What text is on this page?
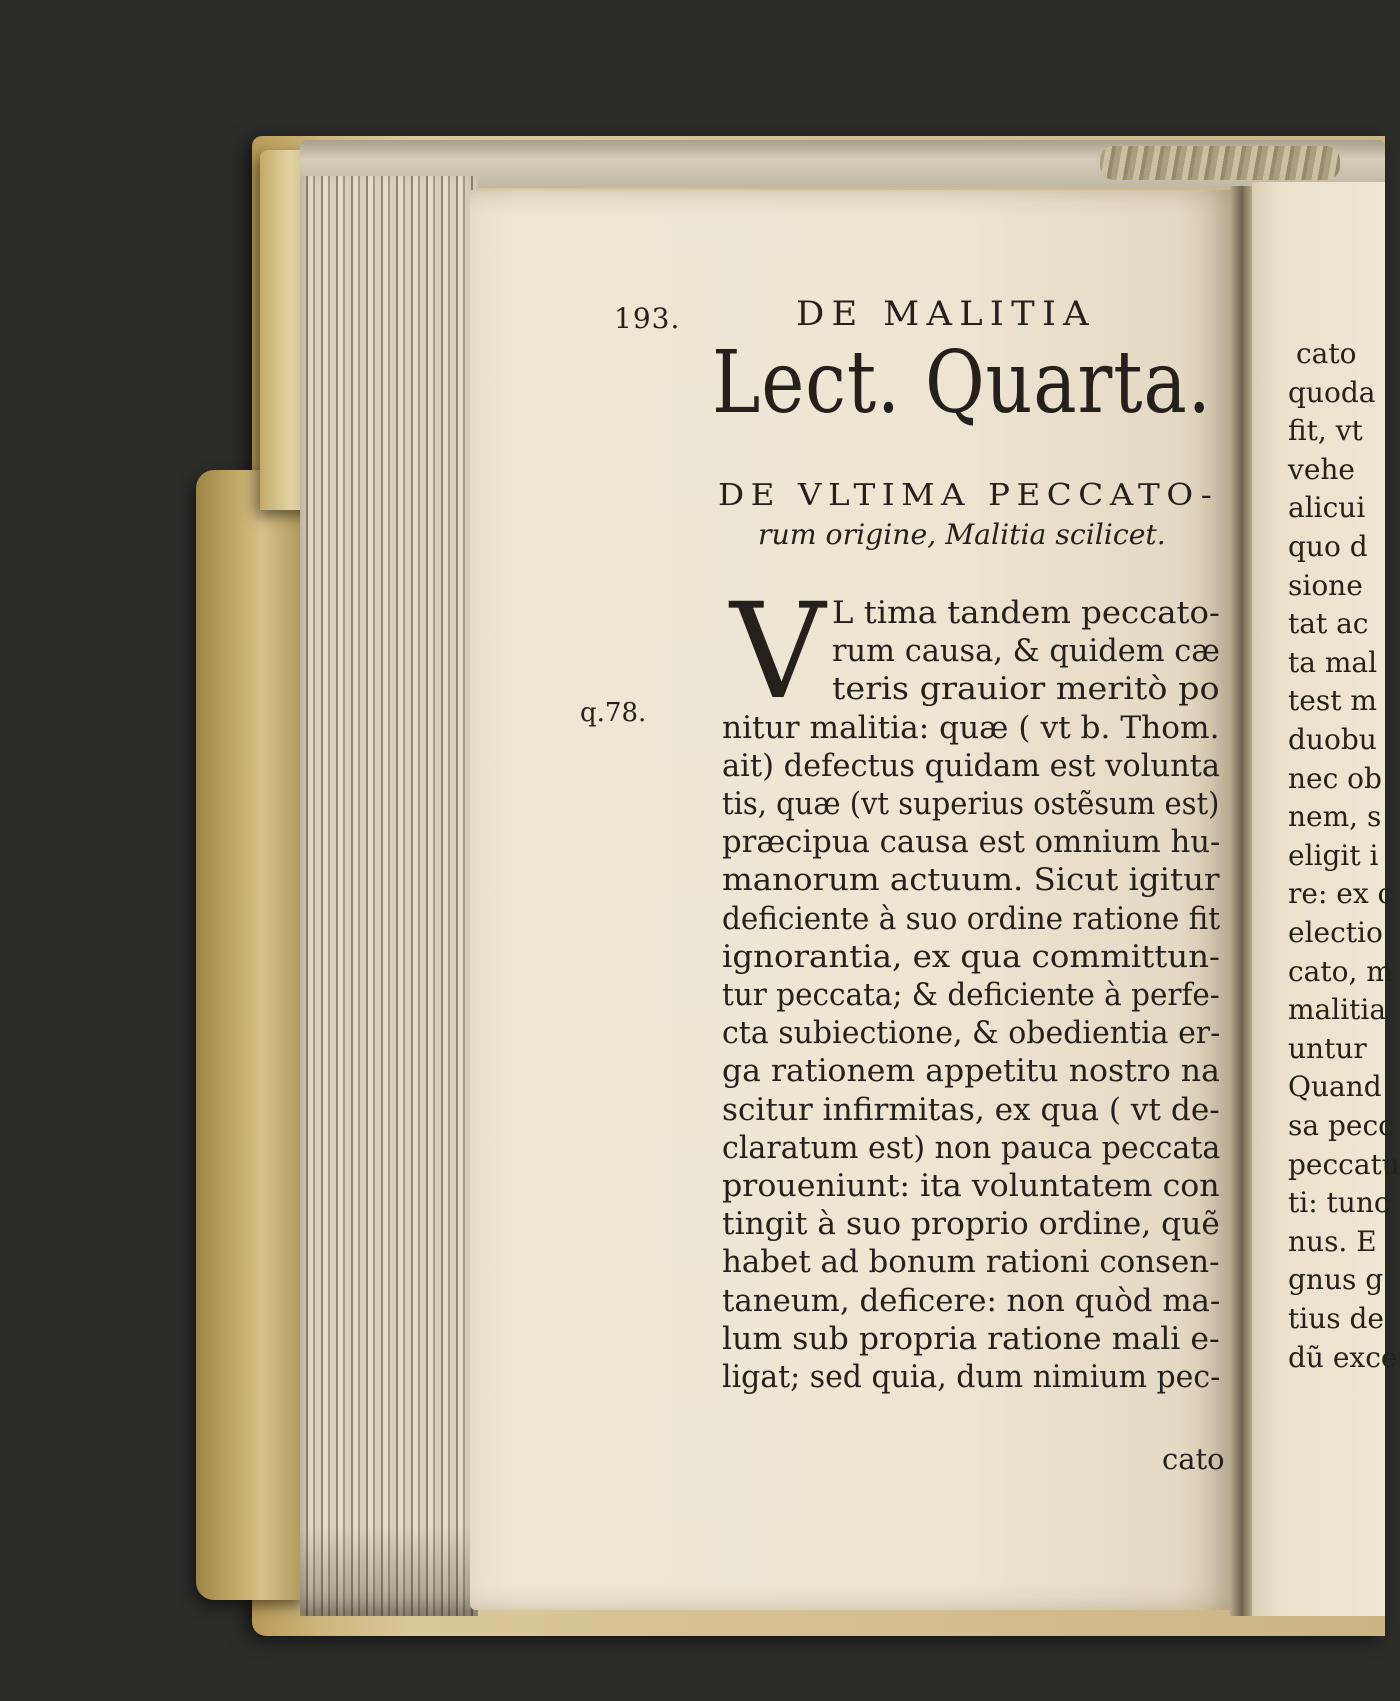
193.	DE MALITIA
Lect. Quarta.
DE VLTIMA PECCATO-
rum origine, Malitia scilicet.
V
q.78.
L tima tandem peccato-
rum causa, & quidem cæ
teris grauior meritò po
nitur malitia: quæ ( vt b. Thom.
ait) defectus quidam est volunta
tis, quæ (vt superius ostẽsum est)
præcipua causa est omnium hu-
manorum actuum. Sicut igitur
deficiente à suo ordine ratione fit
ignorantia, ex qua committun-
tur peccata; & deficiente à perfe-
cta subiectione, & obedientia er-
ga rationem appetitu nostro na
scitur infirmitas, ex qua ( vt de-
claratum est) non pauca peccata
proueniunt: ita voluntatem con
tingit à suo proprio ordine, quẽ
habet ad bonum rationi consen-
taneum, deficere: non quòd ma-
lum sub propria ratione mali e-
ligat; sed quia, dum nimium pec-
cato
cato
quoda
fit, vt
vehe
alicui
quo d
sione
tat ac
ta mal
test m
duobu
nec ob
nem, s
eligit i
re: ex c
electio
cato, m
malitia
untur
Quand
sa pecc
peccatu
ti: tunc
nus. E
gnus g
tius de
dũ exce
